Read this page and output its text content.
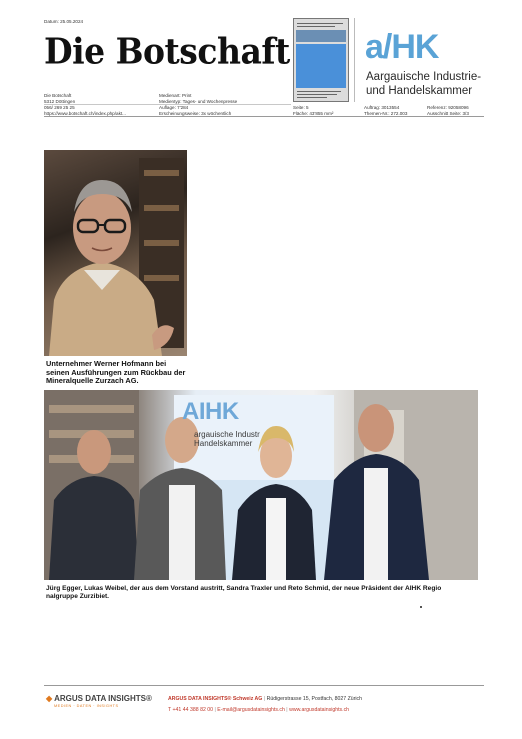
Datum: 25.05.2024
Die Botschaft a/HK
Aargauische Industrie-
und Handelskammer
Die Botschaft
5312 Döttingen
056/ 269 25 25
https://www.botschaft.ch/index.php/akt...
Medienart: Print
Medientyp: Tages- und Wochenpresse
Auflage: 7'284
Erscheinungsweise: 3x wöchentlich
Seite: 5
Fläche: 43'855 mm²
Auftrag: 3013554
Themen-Nr.: 272.003
Referenz: 92058096
Ausschnitt Seite: 3/3
Unternehmer Werner Hofmann bei seinen Ausführungen zum Rückbau der Mineralquelle Zurzach AG.
AIHK
argauische Industr
Handelskammer
Jürg Egger, Lukas Weibel, der aus dem Vorstand austritt, Sandra Traxler und Reto Schmid, der neue Präsident der AIHK Regio
nalgruppe Zurzibiet.
◆ ARGUS DATA INSIGHTS®
MEDIEN · DATEN · INSIGHTS
ARGUS DATA INSIGHTS® Schweiz AG | Rüdigerstrasse 15, Postfach, 8027 Zürich
T +41 44 388 82 00 | E-mail@argusdatainsights.ch | www.argusdatainsights.ch
